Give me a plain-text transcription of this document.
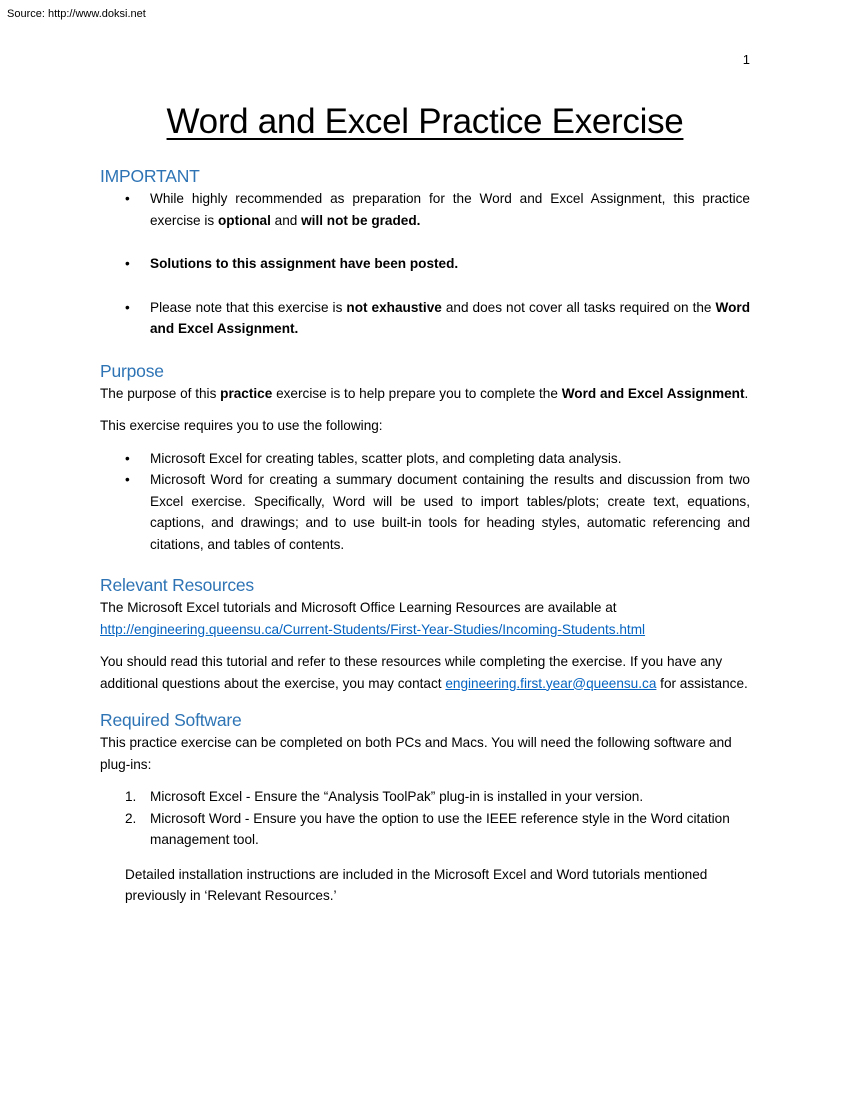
Source: http://www.doksi.net
1
Word and Excel Practice Exercise
IMPORTANT
• While highly recommended as preparation for the Word and Excel Assignment, this practice exercise is optional and will not be graded.
• Solutions to this assignment have been posted.
• Please note that this exercise is not exhaustive and does not cover all tasks required on the Word and Excel Assignment.
Purpose

The purpose of this practice exercise is to help prepare you to complete the Word and Excel Assignment.

This exercise requires you to use the following:

• Microsoft Excel for creating tables, scatter plots, and completing data analysis.
• Microsoft Word for creating a summary document containing the results and discussion from two Excel exercise. Specifically, Word will be used to import tables/plots; create text, equations, captions, and drawings; and to use built-in tools for heading styles, automatic referencing and citations, and tables of contents.
Relevant Resources

The Microsoft Excel tutorials and Microsoft Office Learning Resources are available at

http://engineering.queensu.ca/Current-Students/First-Year-Studies/Incoming-Students.html

You should read this tutorial and refer to these resources while completing the exercise. If you have any additional questions about the exercise, you may contact engineering.first.year@queensu.ca for assistance.

Required Software

This practice exercise can be completed on both PCs and Macs. You will need the following software and plug-ins:

1. Microsoft Excel - Ensure the “Analysis ToolPak” plug-in is installed in your version.
2. Microsoft Word - Ensure you have the option to use the IEEE reference style in the Word citation management tool.

Detailed installation instructions are included in the Microsoft Excel and Word tutorials mentioned previously in ‘Relevant Resources.’
